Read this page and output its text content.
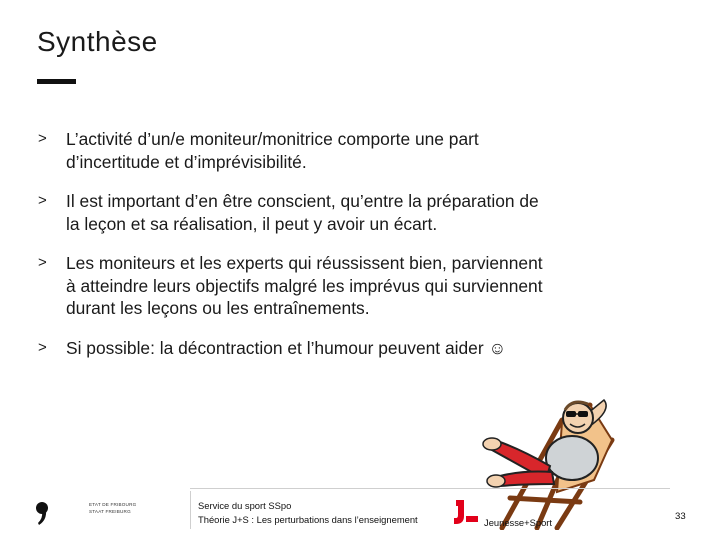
Synthèse
> L’activité d’un/e moniteur/monitrice comporte une part
d’incertitude et d’imprévisibilité.
> Il est important d’en être conscient, qu’entre la préparation de
la leçon et sa réalisation, il peut y avoir un écart.
> Les moniteurs et les experts qui réussissent bien, parviennent
à atteindre leurs objectifs malgré les imprévus qui surviennent
durant les leçons ou les entraînements.
> Si possible: la décontraction et l’humour peuvent aider ☺
ETAT DE FRIBOURG
STAAT FREIBURG
Service du sport SSpo
Théorie J+S : Les perturbations dans l’enseignement	Jeunesse+Sport
33
